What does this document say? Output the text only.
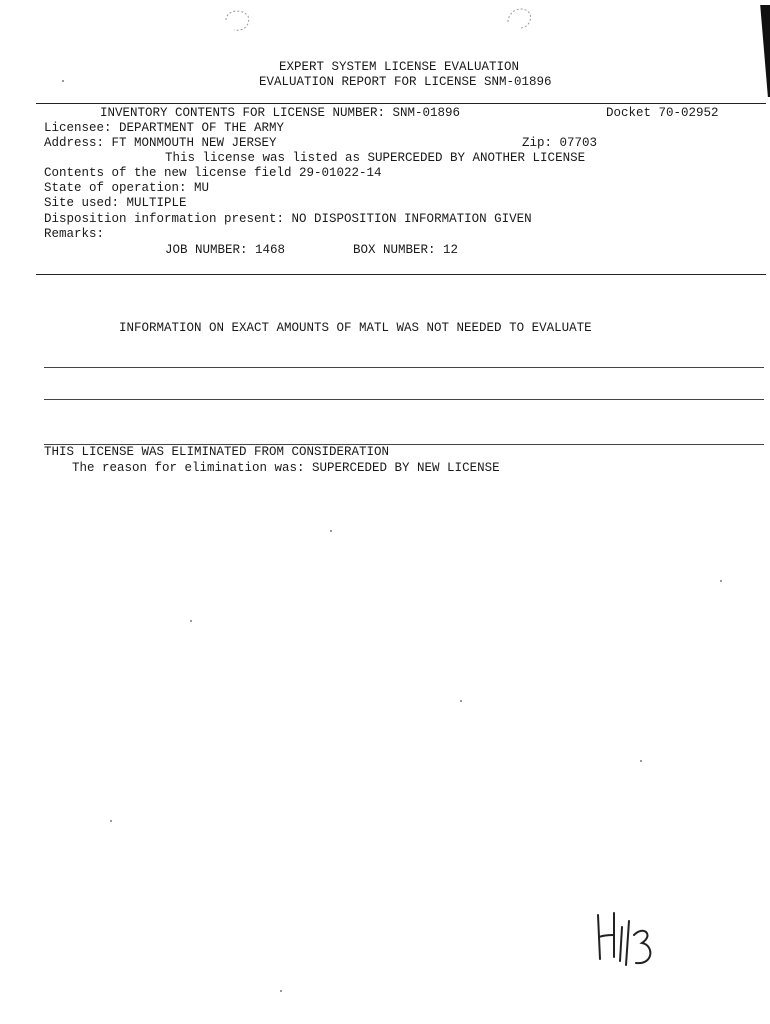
EXPERT SYSTEM LICENSE EVALUATION
EVALUATION REPORT FOR LICENSE SNM-01896
INVENTORY CONTENTS FOR LICENSE NUMBER: SNM-01896	Docket 70-02952
Licensee: DEPARTMENT OF THE ARMY
Address: FT MONMOUTH NEW JERSEY	Zip: 07703
This license was listed as SUPERCEDED BY ANOTHER LICENSE
Contents of the new license field 29-01022-14
State of operation: MU
Site used: MULTIPLE
Disposition information present: NO DISPOSITION INFORMATION GIVEN
Remarks:
JOB NUMBER: 1468	BOX NUMBER: 12
INFORMATION ON EXACT AMOUNTS OF MATL WAS NOT NEEDED TO EVALUATE
THIS LICENSE WAS ELIMINATED FROM CONSIDERATION
The reason for elimination was: SUPERCEDED BY NEW LICENSE
